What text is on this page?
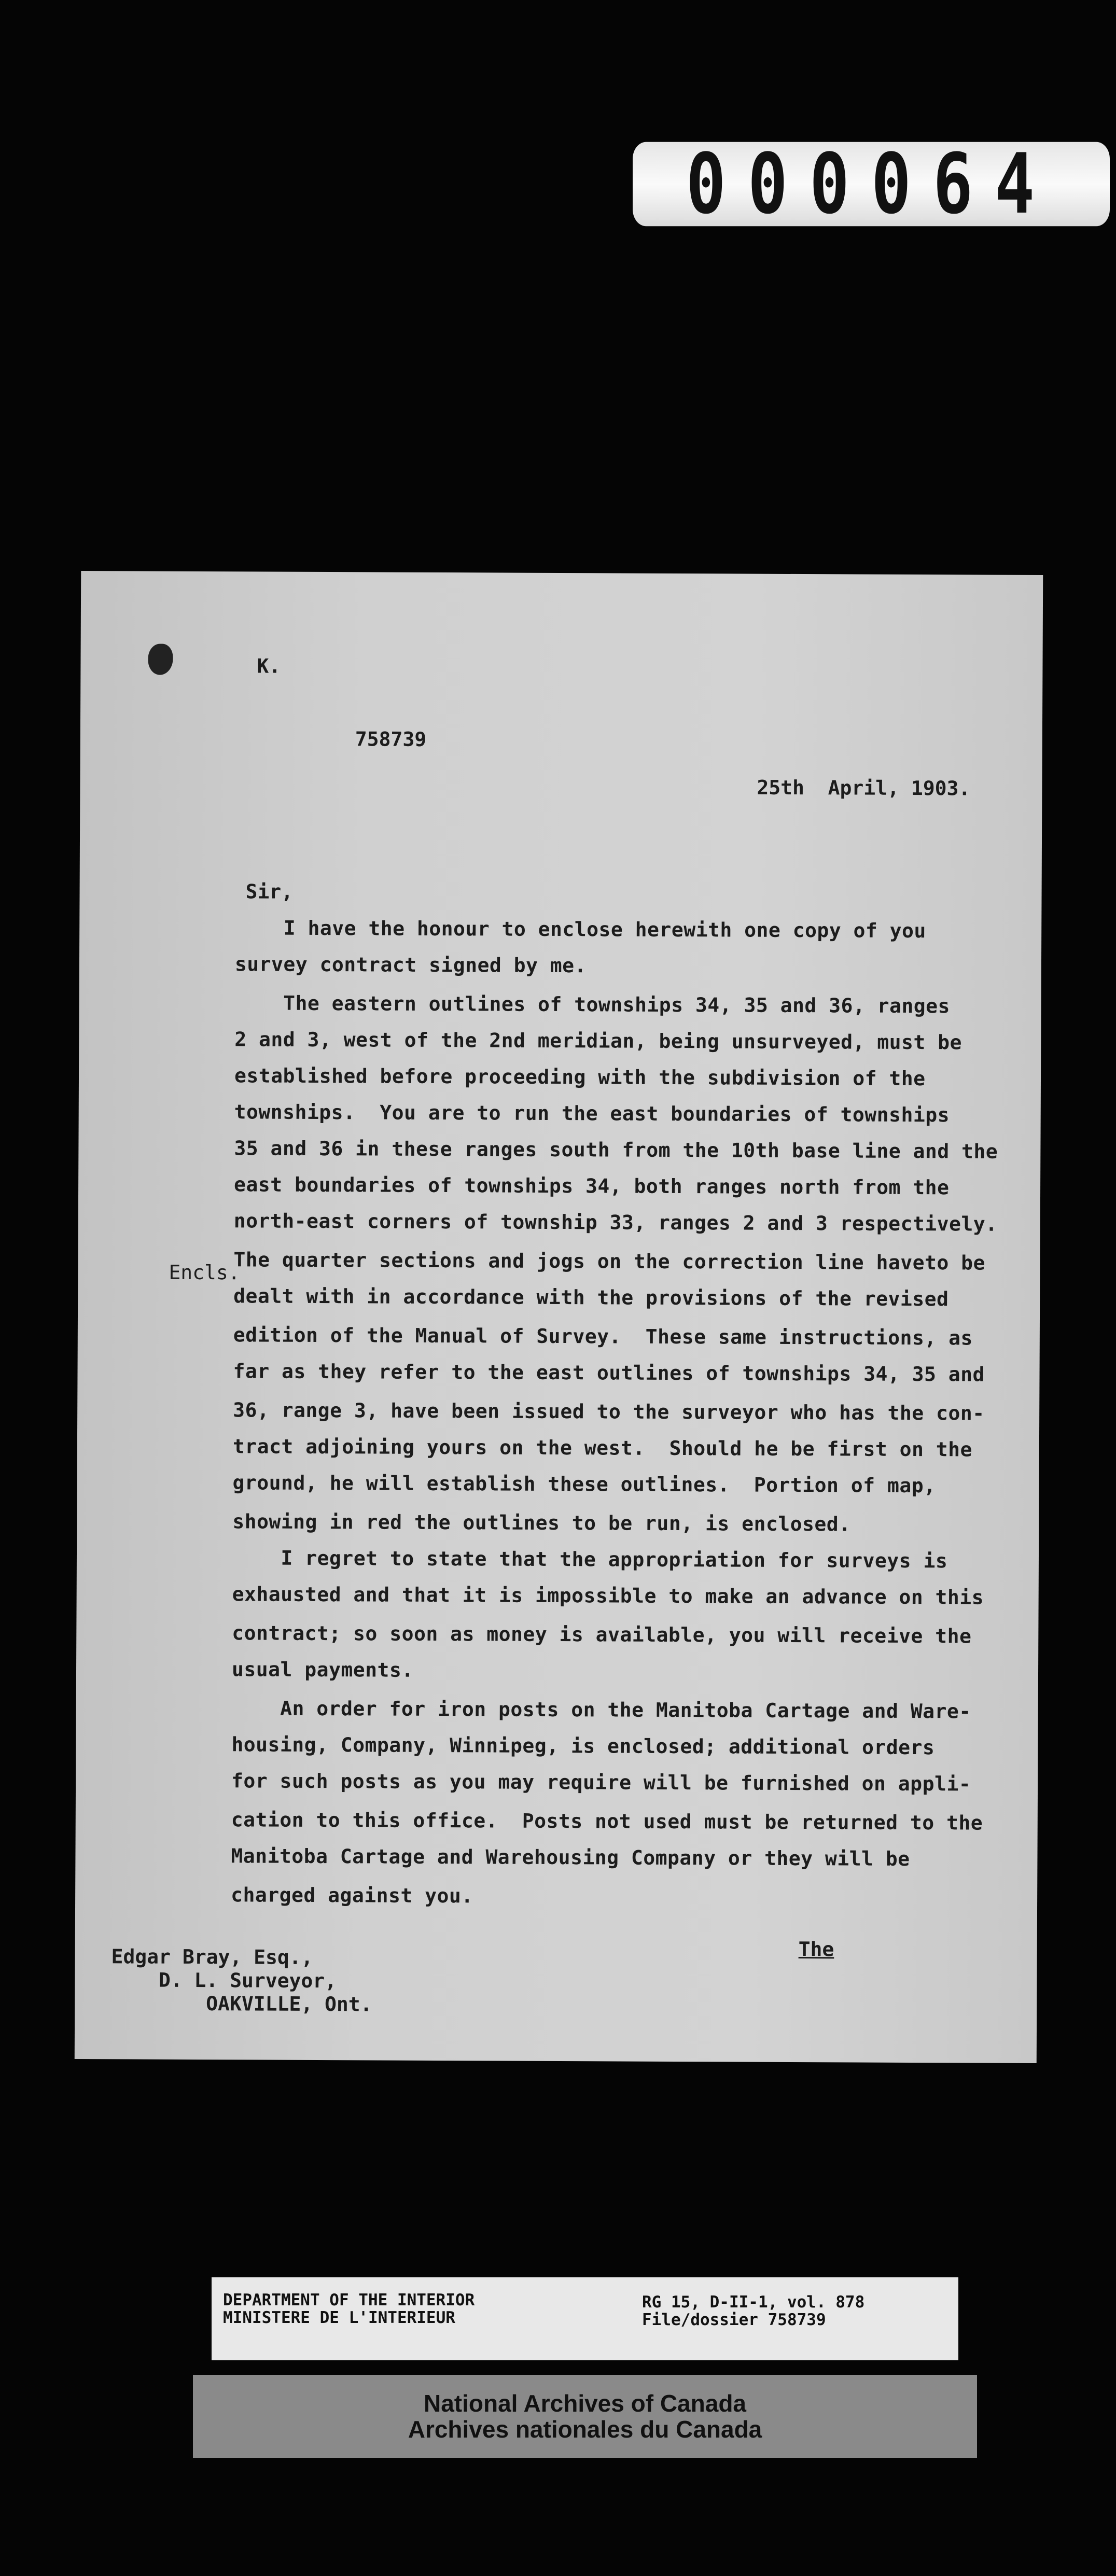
000064
K.
758739
25th  April, 1903.
Sir,
Encls.
I have the honour to enclose herewith one copy of you
survey contract signed by me.
The eastern outlines of townships 34, 35 and 36, ranges
2 and 3, west of the 2nd meridian, being unsurveyed, must be
established before proceeding with the subdivision of the
townships.  You are to run the east boundaries of townships
35 and 36 in these ranges south from the 10th base line and the
east boundaries of townships 34, both ranges north from the
north-east corners of township 33, ranges 2 and 3 respectively.
The quarter sections and jogs on the correction line haveto be
dealt with in accordance with the provisions of the revised
edition of the Manual of Survey.  These same instructions, as
far as they refer to the east outlines of townships 34, 35 and
36, range 3, have been issued to the surveyor who has the con-
tract adjoining yours on the west.  Should he be first on the
ground, he will establish these outlines.  Portion of map,
showing in red the outlines to be run, is enclosed.
I regret to state that the appropriation for surveys is
exhausted and that it is impossible to make an advance on this
contract; so soon as money is available, you will receive the
usual payments.
An order for iron posts on the Manitoba Cartage and Ware-
housing, Company, Winnipeg, is enclosed; additional orders
for such posts as you may require will be furnished on appli-
cation to this office.  Posts not used must be returned to the
Manitoba Cartage and Warehousing Company or they will be
charged against you.
The
Edgar Bray, Esq.,
D. L. Surveyor,
OAKVILLE, Ont.
DEPARTMENT OF THE INTERIOR
MINISTERE DE L'INTERIEUR
RG 15, D-II-1, vol. 878
File/dossier 758739
National Archives of Canada
Archives nationales du Canada
